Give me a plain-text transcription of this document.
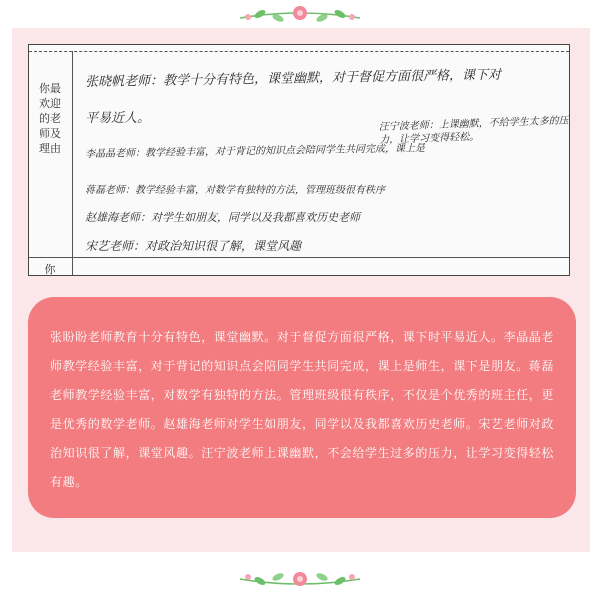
你最欢迎的老师及理由
你
张晓帆老师：教学十分有特色，课堂幽默，对于督促方面很严格，课下对
平易近人。	汪宁波老师：上课幽默，不给学生太多的压力，让学习变得轻松。
李晶晶老师：教学经验丰富，对于背记的知识点会陪同学生共同完成，课上是
蒋磊老师：教学经验丰富，对数学有独特的方法，管理班级很有秩序
赵雄海老师：对学生如朋友，同学以及我都喜欢历史老师
宋艺老师：对政治知识很了解，课堂风趣

张盼盼老师教育十分有特色，课堂幽默。对于督促方面很严格，课下时平易近人。李晶晶老师教学经验丰富，对于背记的知识点会陪同学生共同完成，课上是师生，课下是朋友。蒋磊老师教学经验丰富，对数学有独特的方法。管理班级很有秩序，不仅是个优秀的班主任，更是优秀的数学老师。赵雄海老师对学生如朋友，同学以及我都喜欢历史老师。宋艺老师对政治知识很了解，课堂风趣。汪宁波老师上课幽默，不会给学生过多的压力，让学习变得轻松有趣。
